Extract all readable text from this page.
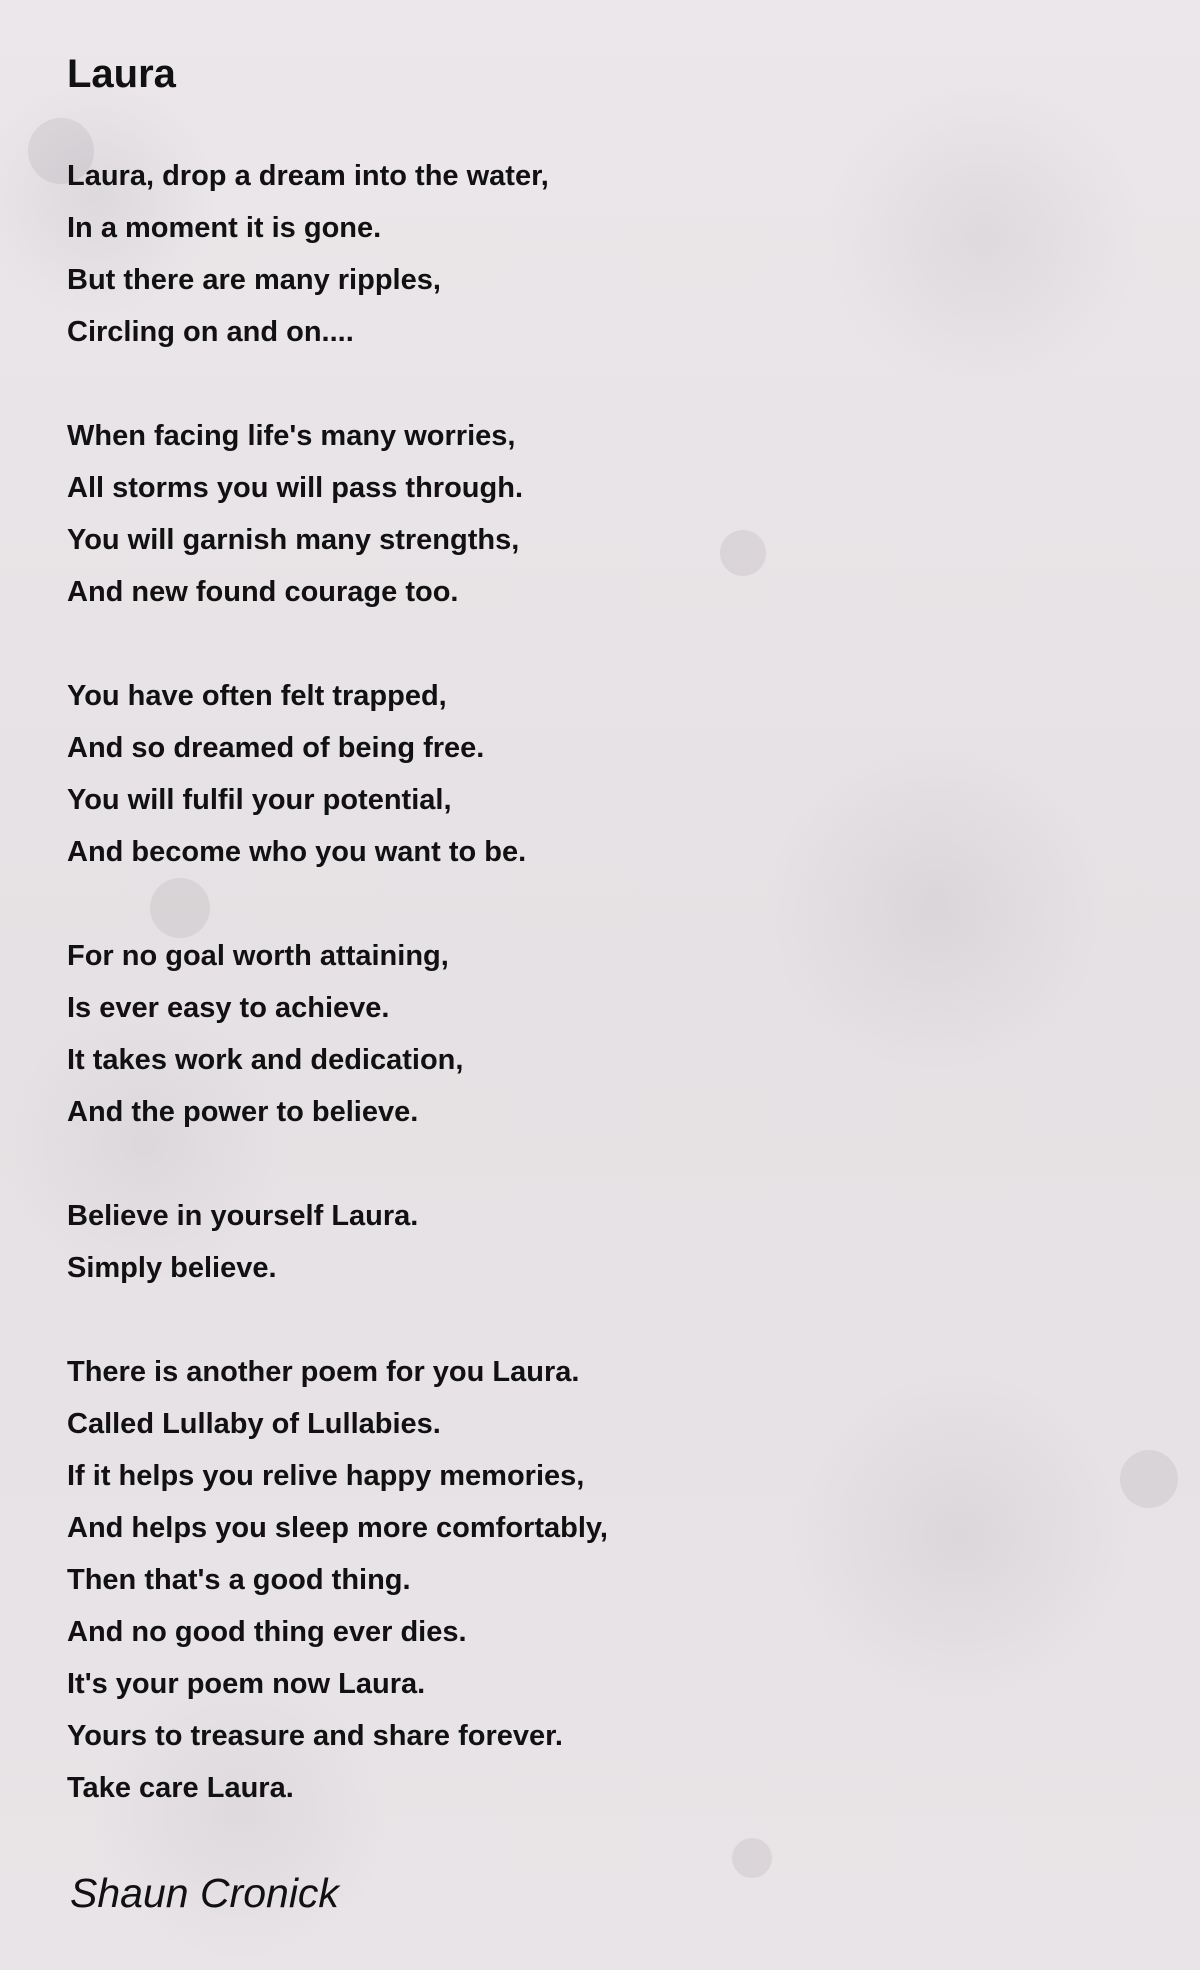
Laura
Laura, drop a dream into the water,
In a moment it is gone.
But there are many ripples,
Circling on and on....
When facing life's many worries,
All storms you will pass through.
You will garnish many strengths,
And new found courage too.
You have often felt trapped,
And so dreamed of being free.
You will fulfil your potential,
And become who you want to be.
For no goal worth attaining,
Is ever easy to achieve.
It takes work and dedication,
And the power to believe.
Believe in yourself Laura.
Simply believe.
There is another poem for you Laura.
Called Lullaby of Lullabies.
If it helps you relive happy memories,
And helps you sleep more comfortably,
Then that's a good thing.
And no good thing ever dies.
It's your poem now Laura.
Yours to treasure and share forever.
Take care Laura.
Shaun Cronick
